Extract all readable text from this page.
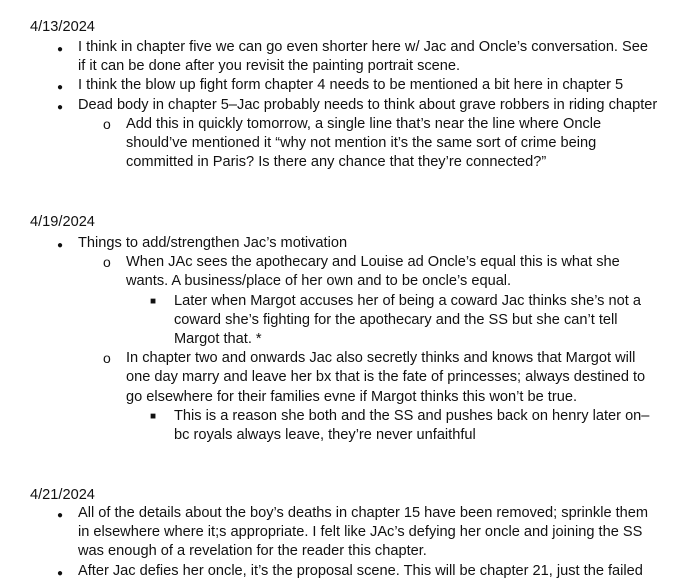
4/13/2024
●
I think in chapter five we can go even shorter here w/ Jac and Oncle’s conversation. See if it can be done after you revisit the painting portrait scene.
●
I think the blow up fight form chapter 4 needs to be mentioned a bit here in chapter 5
●
Dead body in chapter 5–Jac probably needs to think about grave robbers in riding chapter
o
Add this in quickly tomorrow, a single line that’s near the line where Oncle should’ve mentioned it “why not mention it’s the same sort of crime being committed in Paris? Is there any chance that they’re connected?”
4/19/2024
●
Things to add/strengthen Jac’s motivation
o
When JAc sees the apothecary and Louise ad Oncle’s equal this is what she wants. A business/place of her own and to be oncle’s equal.
■
Later when Margot accuses her of being a coward Jac thinks she’s not a coward she’s fighting for the apothecary and the SS but she can’t tell Margot that. *
o
In chapter two and onwards Jac also secretly thinks and knows that Margot will one day marry and leave her bx that is the fate of princesses; always destined to go elsewhere for their families evne if Margot thinks this won’t be true.
■
This is a reason she both and the SS and pushes back on henry later on–bc royals always leave, they’re never unfaithful
4/21/2024
●
All of the details about the boy’s deaths in chapter 15 have been removed; sprinkle them in elsewhere where it;s appropriate. I felt like JAc’s defying her oncle and joining the SS was enough of a revelation for the reader this chapter.
●
After Jac defies her oncle, it’s the proposal scene. This will be chapter 21, just the failed
